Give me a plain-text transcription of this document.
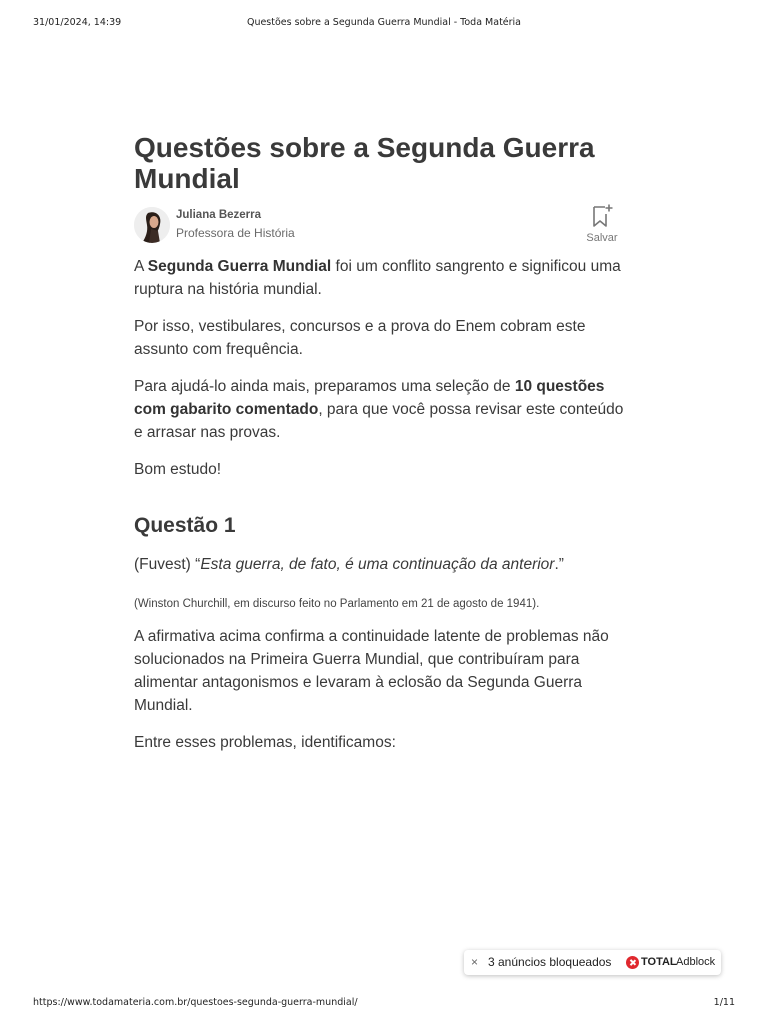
31/01/2024, 14:39	Questões sobre a Segunda Guerra Mundial - Toda Matéria
Questões sobre a Segunda Guerra Mundial
Juliana Bezerra
Professora de História	Salvar

A Segunda Guerra Mundial foi um conflito sangrento e significou uma ruptura na história mundial.

Por isso, vestibulares, concursos e a prova do Enem cobram este assunto com frequência.

Para ajudá-lo ainda mais, preparamos uma seleção de 10 questões com gabarito comentado, para que você possa revisar este conteúdo e arrasar nas provas.

Bom estudo!

Questão 1

(Fuvest) “Esta guerra, de fato, é uma continuação da anterior.”

(Winston Churchill, em discurso feito no Parlamento em 21 de agosto de 1941).

A afirmativa acima confirma a continuidade latente de problemas não solucionados na Primeira Guerra Mundial, que contribuíram para alimentar antagonismos e levaram à eclosão da Segunda Guerra Mundial.

Entre esses problemas, identificamos:

× 3 anúncios bloqueados	TOTAL Adblock
https://www.todamateria.com.br/questoes-segunda-guerra-mundial/	1/11
